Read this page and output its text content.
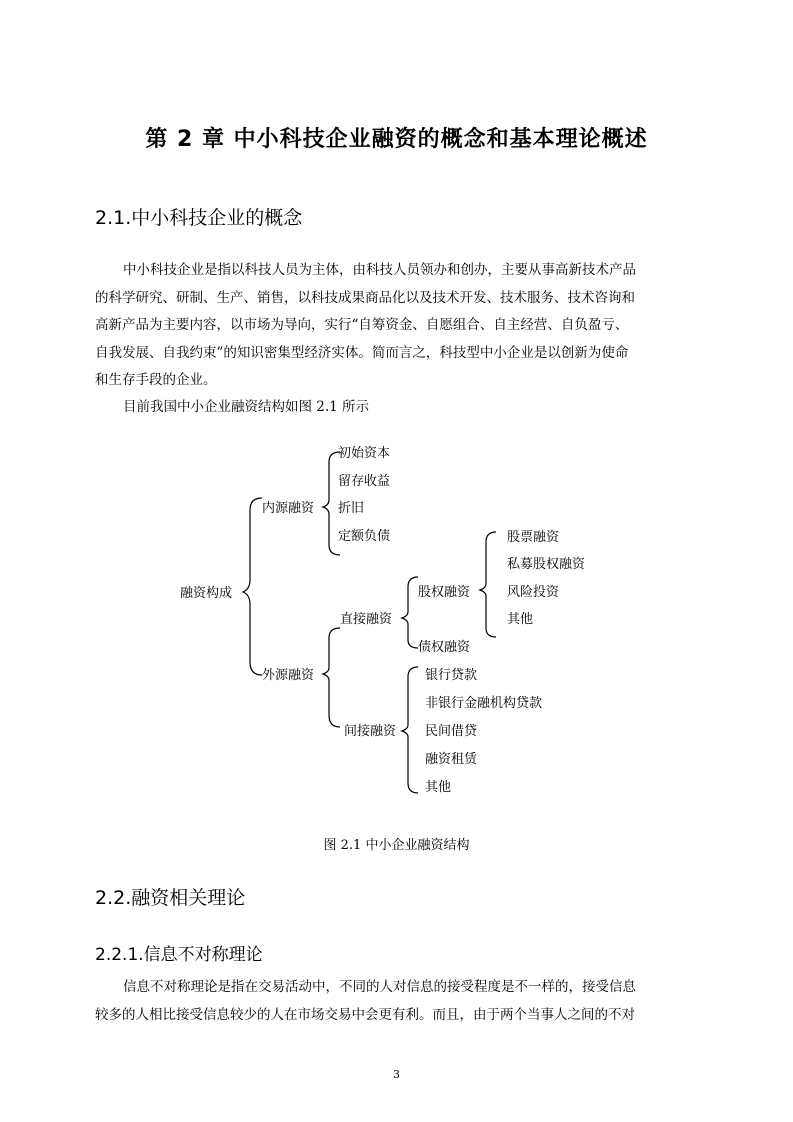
第 2 章 中小科技企业融资的概念和基本理论概述
2.1.中小科技企业的概念
中小科技企业是指以科技人员为主体，由科技人员领办和创办，主要从事高新技术产品
的科学研究、研制、生产、销售，以科技成果商品化以及技术开发、技术服务、技术咨询和
高新产品为主要内容，以市场为导向，实行“自筹资金、自愿组合、自主经营、自负盈亏、
自我发展、自我约束”的知识密集型经济实体。简而言之，科技型中小企业是以创新为使命
和生存手段的企业。
目前我国中小企业融资结构如图 2.1 所示
融资构成
内源融资
初始资本
留存收益
折旧
定额负债
外源融资
直接融资
股权融资
股票融资
私募股权融资
风险投资
其他
债权融资
间接融资
银行贷款
非银行金融机构贷款
民间借贷
融资租赁
其他
图 2.1 中小企业融资结构
2.2.融资相关理论
2.2.1.信息不对称理论
信息不对称理论是指在交易活动中，不同的人对信息的接受程度是不一样的，接受信息
较多的人相比接受信息较少的人在市场交易中会更有利。而且，由于两个当事人之间的不对
3
